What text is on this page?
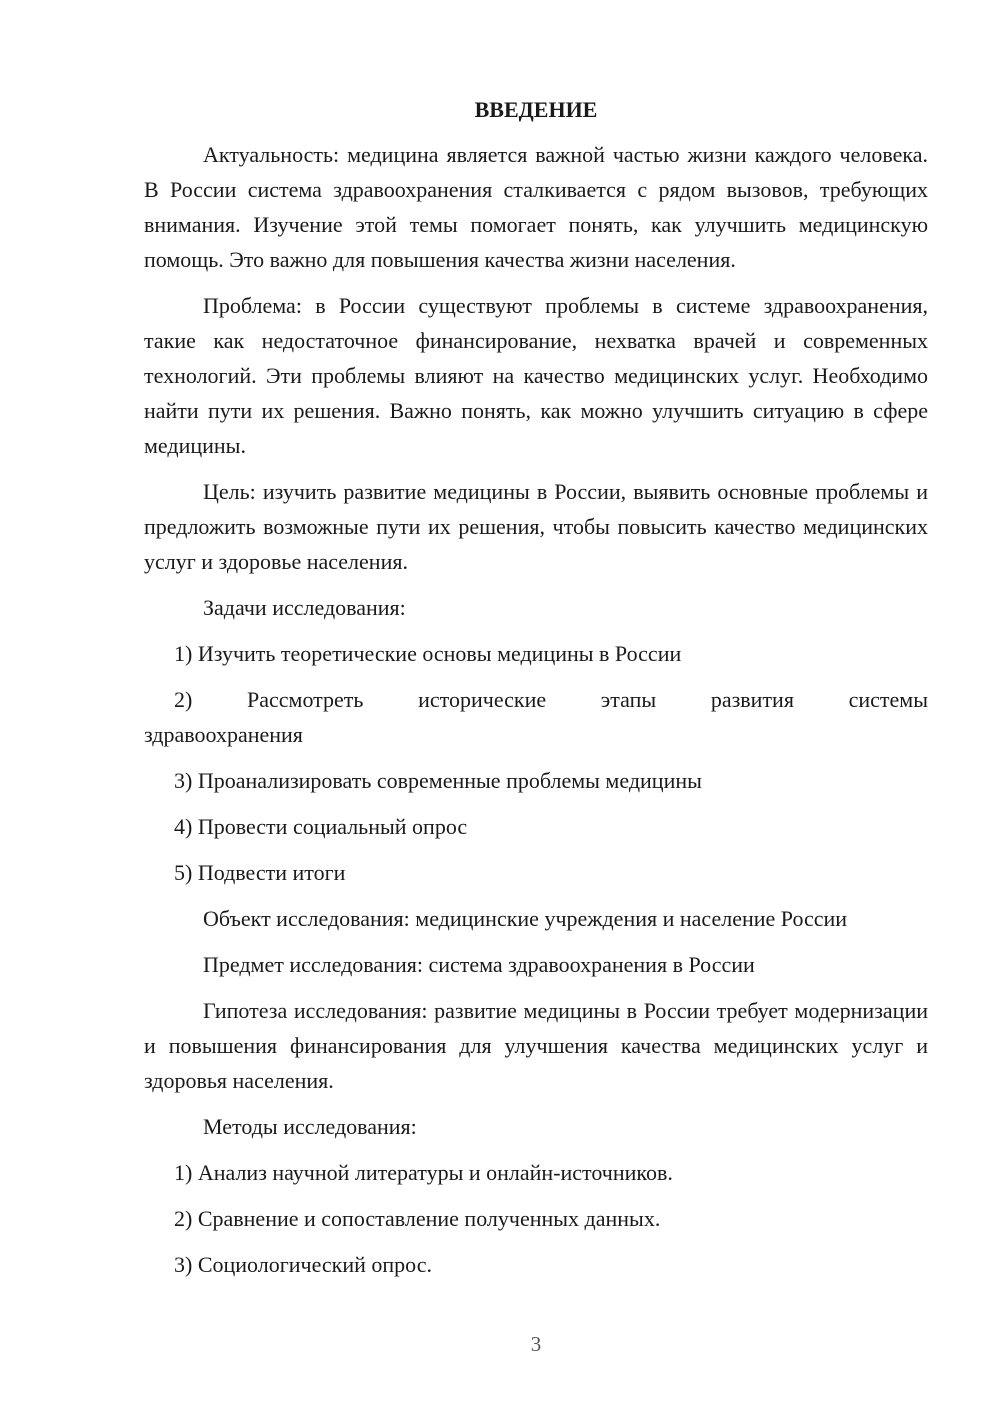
ВВЕДЕНИЕ
Актуальность: медицина является важной частью жизни каждого человека. В России система здравоохранения сталкивается с рядом вызовов, требующих внимания. Изучение этой темы помогает понять, как улучшить медицинскую помощь. Это важно для повышения качества жизни населения.
Проблема: в России существуют проблемы в системе здравоохранения, такие как недостаточное финансирование, нехватка врачей и современных технологий. Эти проблемы влияют на качество медицинских услуг. Необходимо найти пути их решения. Важно понять, как можно улучшить ситуацию в сфере медицины.
Цель: изучить развитие медицины в России, выявить основные проблемы и предложить возможные пути их решения, чтобы повысить качество медицинских услуг и здоровье населения.
Задачи исследования:
1) Изучить теоретические основы медицины в России
2) Рассмотреть исторические этапы развития системы
здравоохранения
3) Проанализировать современные проблемы медицины
4) Провести социальный опрос
5) Подвести итоги
Объект исследования: медицинские учреждения и население России
Предмет исследования: система здравоохранения в России
Гипотеза исследования: развитие медицины в России требует модернизации и повышения финансирования для улучшения качества медицинских услуг и здоровья населения.
Методы исследования:
1) Анализ научной литературы и онлайн-источников.
2) Сравнение и сопоставление полученных данных.
3) Социологический опрос.
3
